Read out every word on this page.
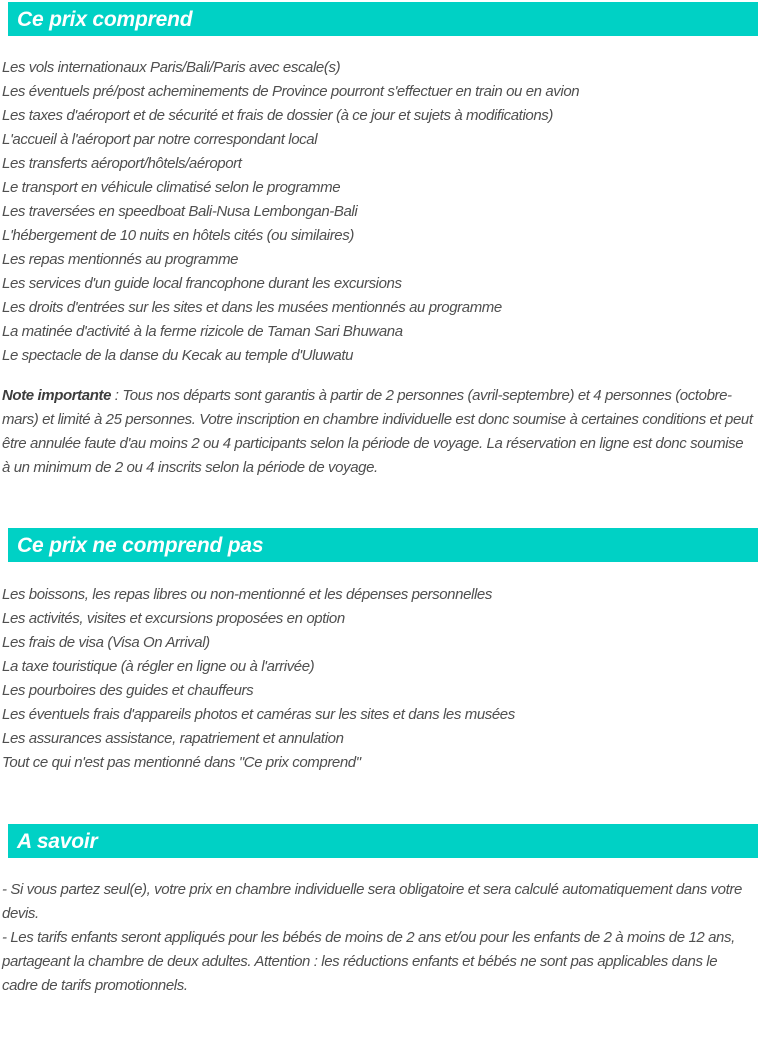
Ce prix comprend

Les vols internationaux Paris/Bali/Paris avec escale(s)

Les éventuels pré/post acheminements de Province pourront s'effectuer en train ou en avion

Les taxes d'aéroport et de sécurité et frais de dossier (à ce jour et sujets à modifications)

L'accueil à l'aéroport par notre correspondant local

Les transferts aéroport/hôtels/aéroport

Le transport en véhicule climatisé selon le programme

Les traversées en speedboat Bali-Nusa Lembongan-Bali

L'hébergement de 10 nuits en hôtels cités (ou similaires)

Les repas mentionnés au programme

Les services d'un guide local francophone durant les excursions

Les droits d'entrées sur les sites et dans les musées mentionnés au programme

La matinée d'activité à la ferme rizicole de Taman Sari Bhuwana

Le spectacle de la danse du Kecak au temple d'Uluwatu

Note importante : Tous nos départs sont garantis à partir de 2 personnes (avril-septembre) et 4 personnes (octobre-mars) et limité à 25 personnes. Votre inscription en chambre individuelle est donc soumise à certaines conditions et peut être annulée faute d'au moins 2 ou 4 participants selon la période de voyage. La réservation en ligne est donc soumise à un minimum de 2 ou 4 inscrits selon la période de voyage.

Ce prix ne comprend pas

Les boissons, les repas libres ou non-mentionné et les dépenses personnelles

Les activités, visites et excursions proposées en option

Les frais de visa (Visa On Arrival)

La taxe touristique (à régler en ligne ou à l'arrivée)

Les pourboires des guides et chauffeurs

Les éventuels frais d'appareils photos et caméras sur les sites et dans les musées

Les assurances assistance, rapatriement et annulation

Tout ce qui n'est pas mentionné dans "Ce prix comprend"

A savoir

- Si vous partez seul(e), votre prix en chambre individuelle sera obligatoire et sera calculé automatiquement dans votre devis.

- Les tarifs enfants seront appliqués pour les bébés de moins de 2 ans et/ou pour les enfants de 2 à moins de 12 ans, partageant la chambre de deux adultes. Attention : les réductions enfants et bébés ne sont pas applicables dans le cadre de tarifs promotionnels.
